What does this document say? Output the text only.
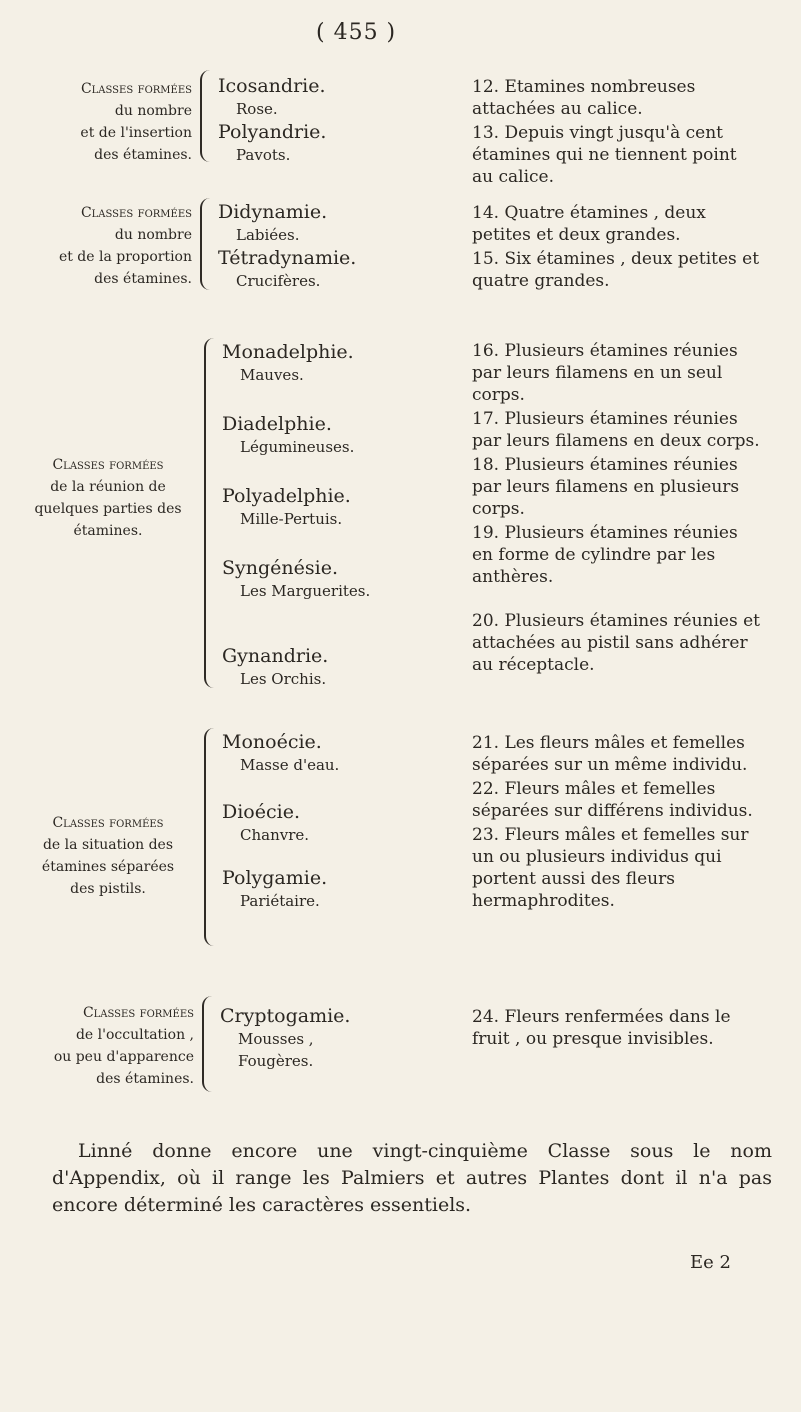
( 455 )
Classes formées
du nombre
et de l'insertion
des étamines.
Icosandrie.
Rose.
Polyandrie.
Pavots.

12. Etamines nombreuses attachées au calice.

13. Depuis vingt jusqu'à cent étamines qui ne tiennent point au calice.

Classes formées
du nombre
et de la proportion
des étamines.
Didynamie.
Labiées.
Tétradynamie.
Crucifères.

14. Quatre étamines , deux petites et deux grandes.

15. Six étamines , deux petites et quatre grandes.

Classes formées
de la réunion de
quelques parties des
étamines.
Monadelphie.
Mauves.
Diadelphie.
Légumineuses.
Polyadelphie.
Mille-Pertuis.
Syngénésie.
Les Marguerites.
Gynandrie.
Les Orchis.

16. Plusieurs étamines réunies par leurs filamens en un seul corps.

17. Plusieurs étamines réunies par leurs filamens en deux corps.

18. Plusieurs étamines réunies par leurs filamens en plusieurs corps.

19. Plusieurs étamines réunies en forme de cylindre par les anthères.

20. Plusieurs étamines réunies et attachées au pistil sans adhérer au réceptacle.

Classes formées
de la situation des
étamines séparées
des pistils.
Monoécie.
Masse d'eau.
Dioécie.
Chanvre.
Polygamie.
Pariétaire.

21. Les fleurs mâles et femelles séparées sur un même individu.

22. Fleurs mâles et femelles séparées sur différens individus.

23. Fleurs mâles et femelles sur un ou plusieurs individus qui portent aussi des fleurs hermaphrodites.

Classes formées
de l'occultation ,
ou peu d'apparence
des étamines.
Cryptogamie.
Mousses ,
Fougères.

24. Fleurs renfermées dans le fruit , ou presque invisibles.

Linné donne encore une vingt-cinquième Classe sous le nom d'Appendix, où il range les Palmiers et autres Plantes dont il n'a pas encore déterminé les caractères essentiels.

Ee 2
